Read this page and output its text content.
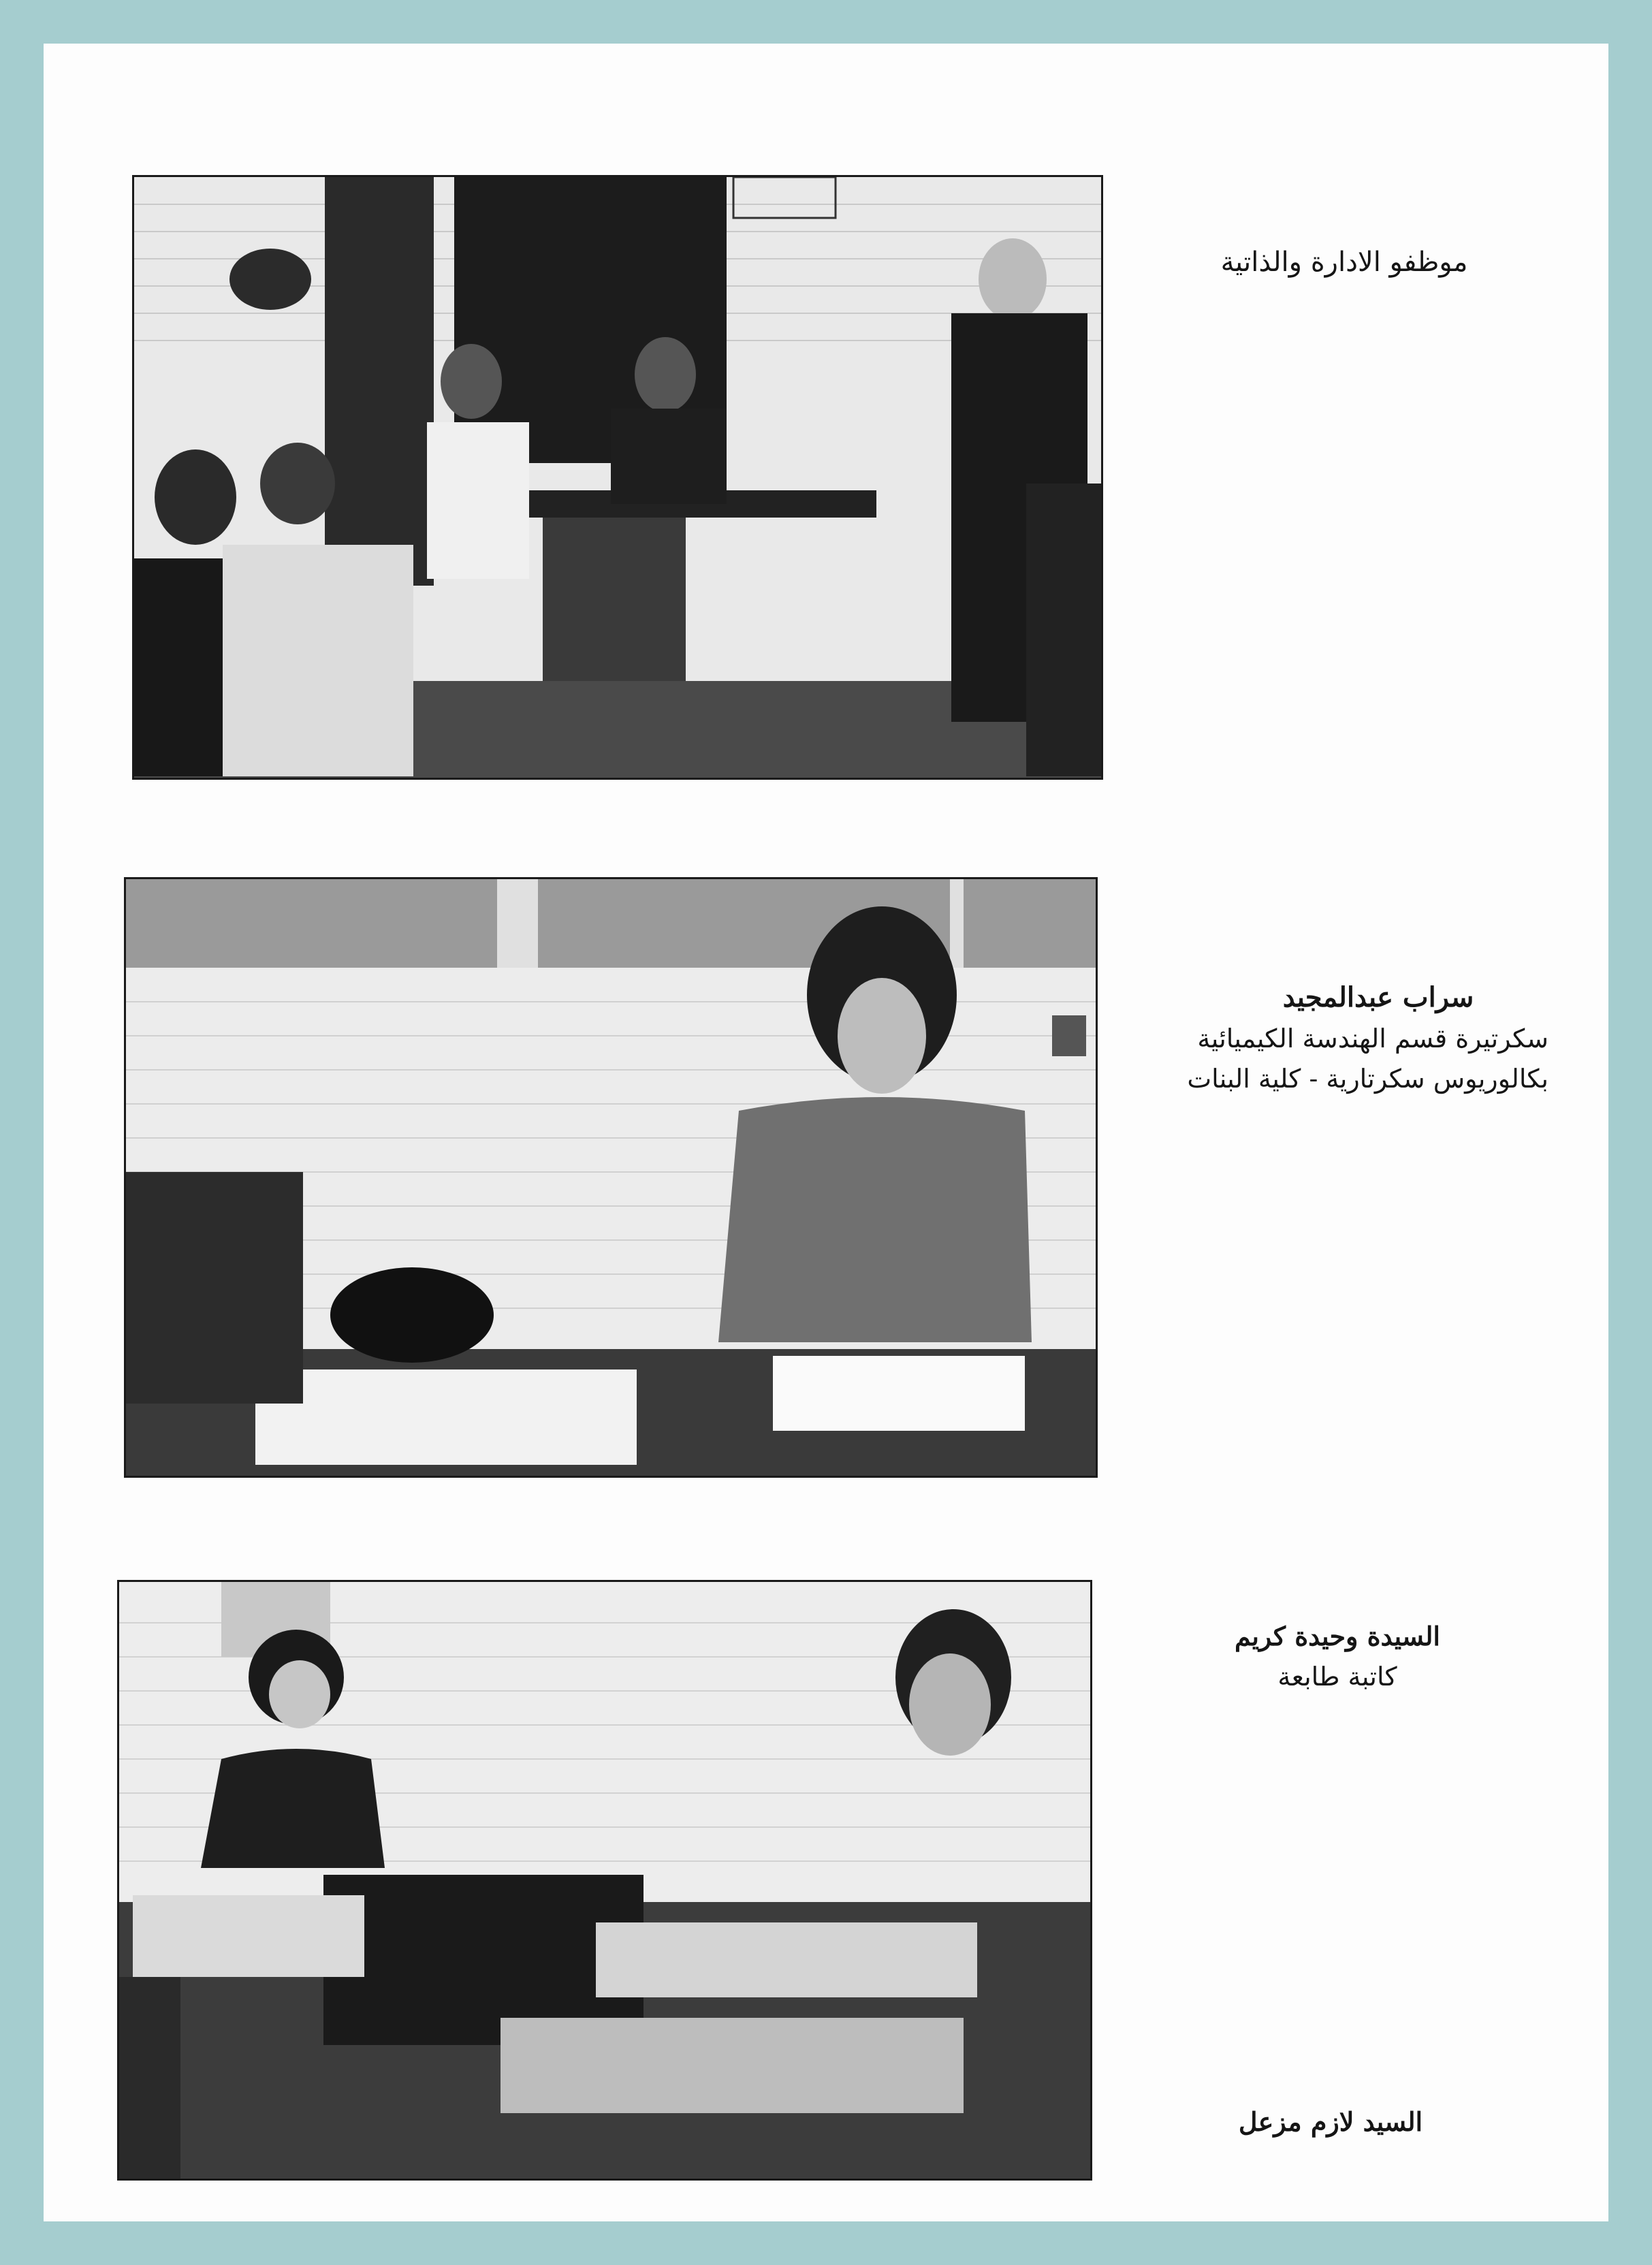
موظفو الادارة والذاتية
سراب عبدالمجيد
سكرتيرة قسم الهندسة الكيميائية
بكالوريوس سكرتارية - كلية البنات
السيدة وحيدة كريم
كاتبة طابعة
السيد لازم مزعل
